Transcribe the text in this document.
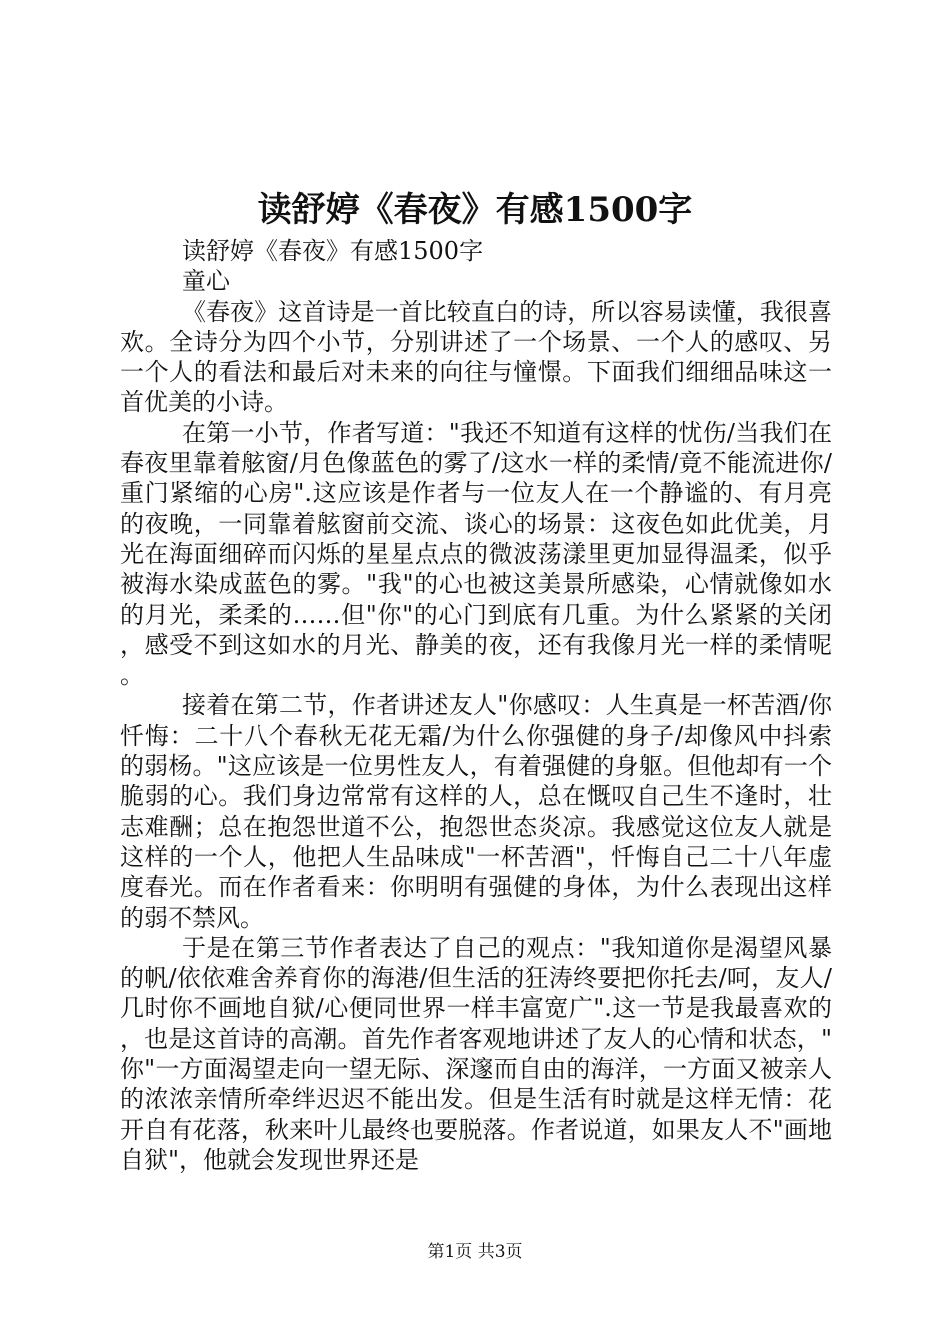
读舒婷《春夜》有感1500字

读舒婷《春夜》有感1500字

童心

《春夜》这首诗是一首比较直白的诗，所以容易读懂，我很喜欢。全诗分为四个小节，分别讲述了一个场景、一个人的感叹、另一个人的看法和最后对未来的向往与憧憬。下面我们细细品味这一首优美的小诗。

在第一小节，作者写道："我还不知道有这样的忧伤/当我们在春夜里靠着舷窗/月色像蓝色的雾了/这水一样的柔情/竟不能流进你/重门紧缩的心房".这应该是作者与一位友人在一个静谧的、有月亮的夜晚，一同靠着舷窗前交流、谈心的场景：这夜色如此优美，月光在海面细碎而闪烁的星星点点的微波荡漾里更加显得温柔，似乎被海水染成蓝色的雾。"我"的心也被这美景所感染，心情就像如水的月光，柔柔的……但"你"的心门到底有几重。为什么紧紧的关闭，感受不到这如水的月光、静美的夜，还有我像月光一样的柔情呢。

接着在第二节，作者讲述友人"你感叹：人生真是一杯苦酒/你忏悔：二十八个春秋无花无霜/为什么你强健的身子/却像风中抖索的弱杨。"这应该是一位男性友人，有着强健的身躯。但他却有一个脆弱的心。我们身边常常有这样的人，总在慨叹自己生不逢时，壮志难酬；总在抱怨世道不公，抱怨世态炎凉。我感觉这位友人就是这样的一个人，他把人生品味成"一杯苦酒"，忏悔自己二十八年虚度春光。而在作者看来：你明明有强健的身体，为什么表现出这样的弱不禁风。

于是在第三节作者表达了自己的观点："我知道你是渴望风暴的帆/依依难舍养育你的海港/但生活的狂涛终要把你托去/呵，友人/几时你不画地自狱/心便同世界一样丰富宽广".这一节是我最喜欢的，也是这首诗的高潮。首先作者客观地讲述了友人的心情和状态，"你"一方面渴望走向一望无际、深邃而自由的海洋，一方面又被亲人的浓浓亲情所牵绊迟迟不能出发。但是生活有时就是这样无情：花开自有花落，秋来叶儿最终也要脱落。作者说道，如果友人不"画地自狱"，他就会发现世界还是

第1页 共3页
